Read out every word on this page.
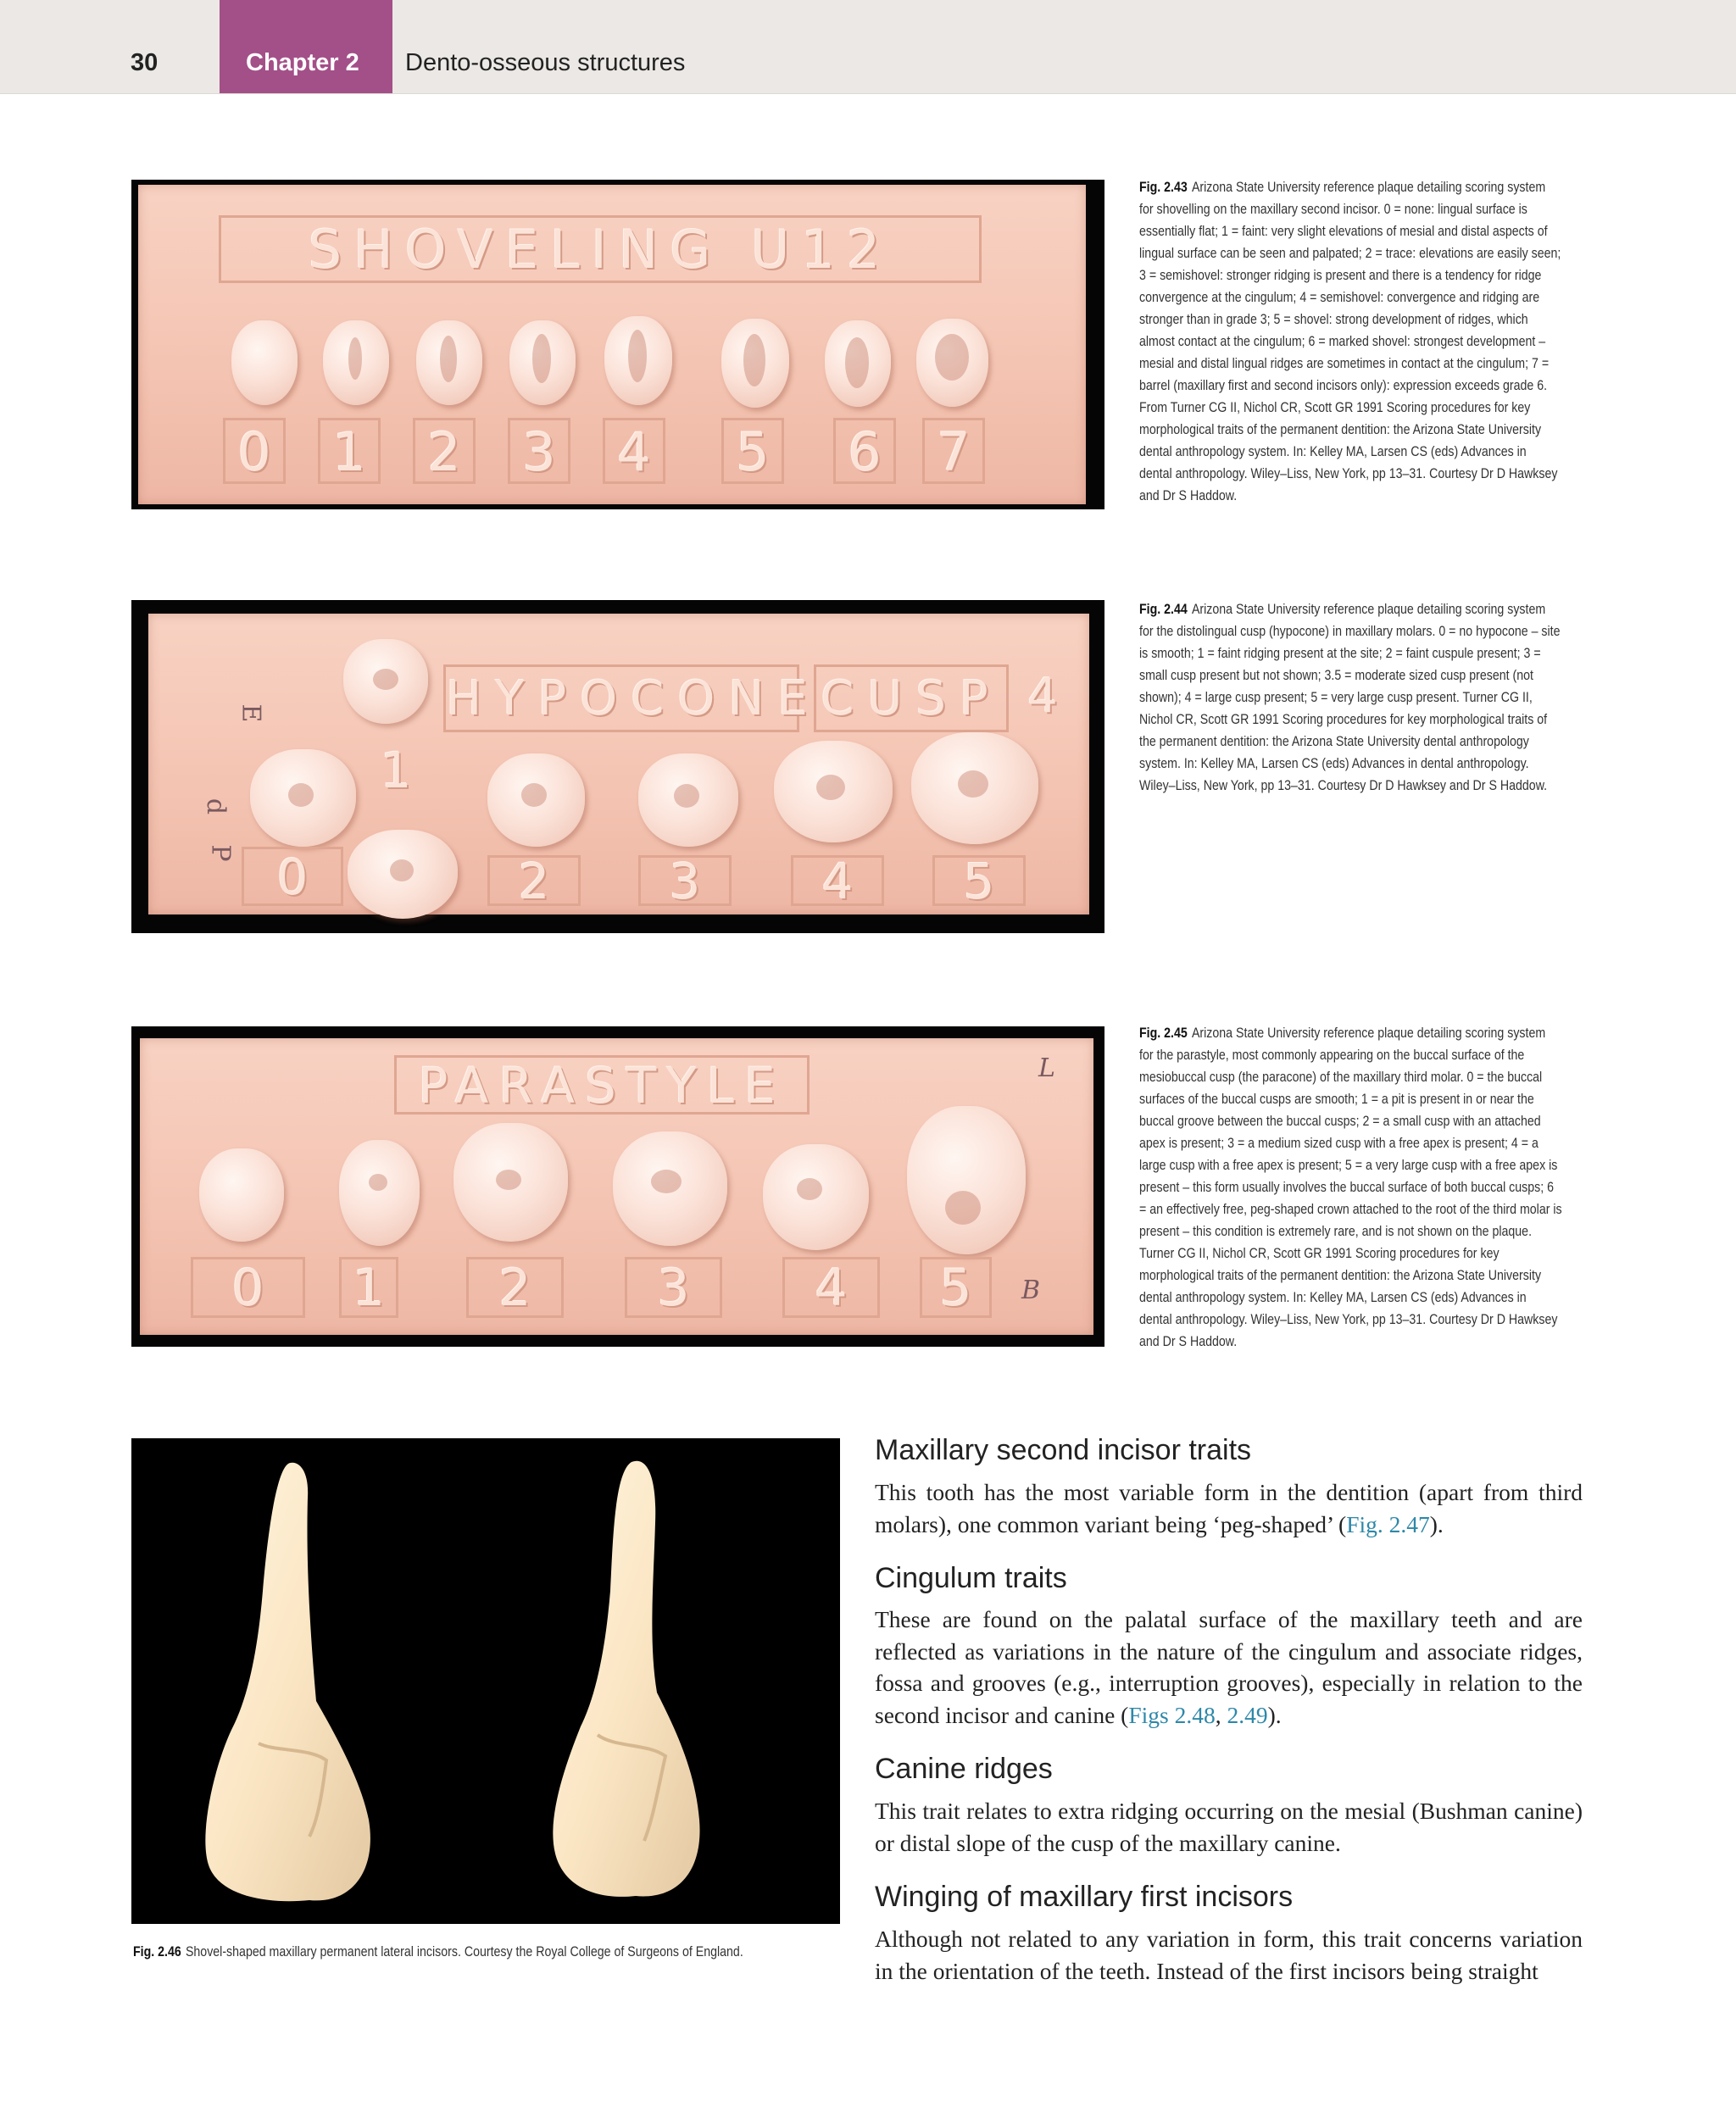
30	Chapter 2 Dento-osseous structures
SHOVELING U12
0 1 2 3 4 5 6 7
Fig. 2.43 Arizona State University reference plaque detailing scoring system for shovelling on the maxillary second incisor. 0 = none: lingual surface is essentially flat; 1 = faint: very slight elevations of mesial and distal aspects of lingual surface can be seen and palpated; 2 = trace: elevations are easily seen; 3 = semishovel: stronger ridging is present and there is a tendency for ridge convergence at the cingulum; 4 = semishovel: convergence and ridging are stronger than in grade 3; 5 = shovel: strong development of ridges, which almost contact at the cingulum; 6 = marked shovel: strongest development – mesial and distal lingual ridges are sometimes in contact at the cingulum; 7 = barrel (maxillary first and second incisors only): expression exceeds grade 6. From Turner CG II, Nichol CR, Scott GR 1991 Scoring procedures for key morphological traits of the permanent dentition: the Arizona State University dental anthropology system. In: Kelley MA, Larsen CS (eds) Advances in dental anthropology. Wiley–Liss, New York, pp 13–31. Courtesy Dr D Hawksey and Dr S Haddow.
HYPOCONE CUSP 4
1
0	2	3	4	5
E
d
P
Fig. 2.44 Arizona State University reference plaque detailing scoring system for the distolingual cusp (hypocone) in maxillary molars. 0 = no hypocone – site is smooth; 1 = faint ridging present at the site; 2 = faint cuspule present; 3 = small cusp present but not shown; 3.5 = moderate sized cusp present (not shown); 4 = large cusp present; 5 = very large cusp present. Turner CG II, Nichol CR, Scott GR 1991 Scoring procedures for key morphological traits of the permanent dentition: the Arizona State University dental anthropology system. In: Kelley MA, Larsen CS (eds) Advances in dental anthropology. Wiley–Liss, New York, pp 13–31. Courtesy Dr D Hawksey and Dr S Haddow.
PARASTYLE
0	1	2	3	4	5
L
B
Fig. 2.45 Arizona State University reference plaque detailing scoring system for the parastyle, most commonly appearing on the buccal surface of the mesiobuccal cusp (the paracone) of the maxillary third molar. 0 = the buccal surfaces of the buccal cusps are smooth; 1 = a pit is present in or near the buccal groove between the buccal cusps; 2 = a small cusp with an attached apex is present; 3 = a medium sized cusp with a free apex is present; 4 = a large cusp with a free apex is present; 5 = a very large cusp with a free apex is present – this form usually involves the buccal surface of both buccal cusps; 6 = an effectively free, peg-shaped crown attached to the root of the third molar is present – this condition is extremely rare, and is not shown on the plaque. Turner CG II, Nichol CR, Scott GR 1991 Scoring procedures for key morphological traits of the permanent dentition: the Arizona State University dental anthropology system. In: Kelley MA, Larsen CS (eds) Advances in dental anthropology. Wiley–Liss, New York, pp 13–31. Courtesy Dr D Hawksey and Dr S Haddow.
Fig. 2.46 Shovel-shaped maxillary permanent lateral incisors. Courtesy the Royal College of Surgeons of England.
Maxillary second incisor traits
This tooth has the most variable form in the dentition (apart from third molars), one common variant being ‘peg-shaped’ (Fig. 2.47).
Cingulum traits
These are found on the palatal surface of the maxillary teeth and are reflected as variations in the nature of the cingulum and associate ridges, fossa and grooves (e.g., interruption grooves), especially in relation to the second incisor and canine (Figs 2.48, 2.49).
Canine ridges
This trait relates to extra ridging occurring on the mesial (Bushman canine) or distal slope of the cusp of the maxillary canine.
Winging of maxillary first incisors
Although not related to any variation in form, this trait concerns variation in the orientation of the teeth. Instead of the first incisors being straight
